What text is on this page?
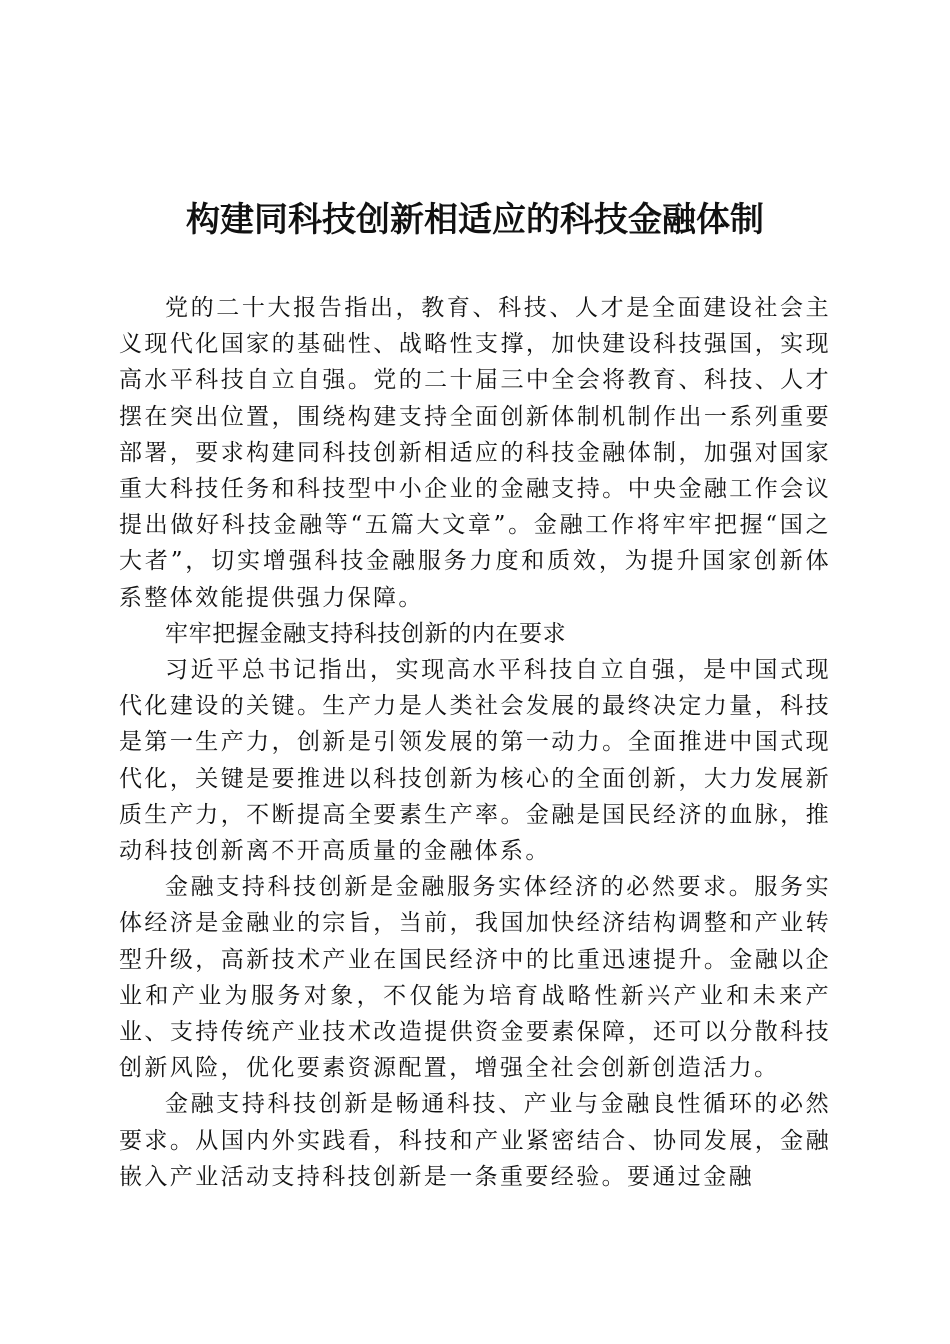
构建同科技创新相适应的科技金融体制

党的二十大报告指出，教育、科技、人才是全面建设社会主义现代化国家的基础性、战略性支撑，加快建设科技强国，实现高水平科技自立自强。党的二十届三中全会将教育、科技、人才摆在突出位置，围绕构建支持全面创新体制机制作出一系列重要部署，要求构建同科技创新相适应的科技金融体制，加强对国家重大科技任务和科技型中小企业的金融支持。中央金融工作会议提出做好科技金融等“五篇大文章”。金融工作将牢牢把握“国之大者”，切实增强科技金融服务力度和质效，为提升国家创新体系整体效能提供强力保障。

牢牢把握金融支持科技创新的内在要求

习近平总书记指出，实现高水平科技自立自强，是中国式现代化建设的关键。生产力是人类社会发展的最终决定力量，科技是第一生产力，创新是引领发展的第一动力。全面推进中国式现代化，关键是要推进以科技创新为核心的全面创新，大力发展新质生产力，不断提高全要素生产率。金融是国民经济的血脉，推动科技创新离不开高质量的金融体系。

金融支持科技创新是金融服务实体经济的必然要求。服务实体经济是金融业的宗旨，当前，我国加快经济结构调整和产业转型升级，高新技术产业在国民经济中的比重迅速提升。金融以企业和产业为服务对象，不仅能为培育战略性新兴产业和未来产业、支持传统产业技术改造提供资金要素保障，还可以分散科技创新风险，优化要素资源配置，增强全社会创新创造活力。

金融支持科技创新是畅通科技、产业与金融良性循环的必然要求。从国内外实践看，科技和产业紧密结合、协同发展，金融嵌入产业活动支持科技创新是一条重要经验。要通过金融
